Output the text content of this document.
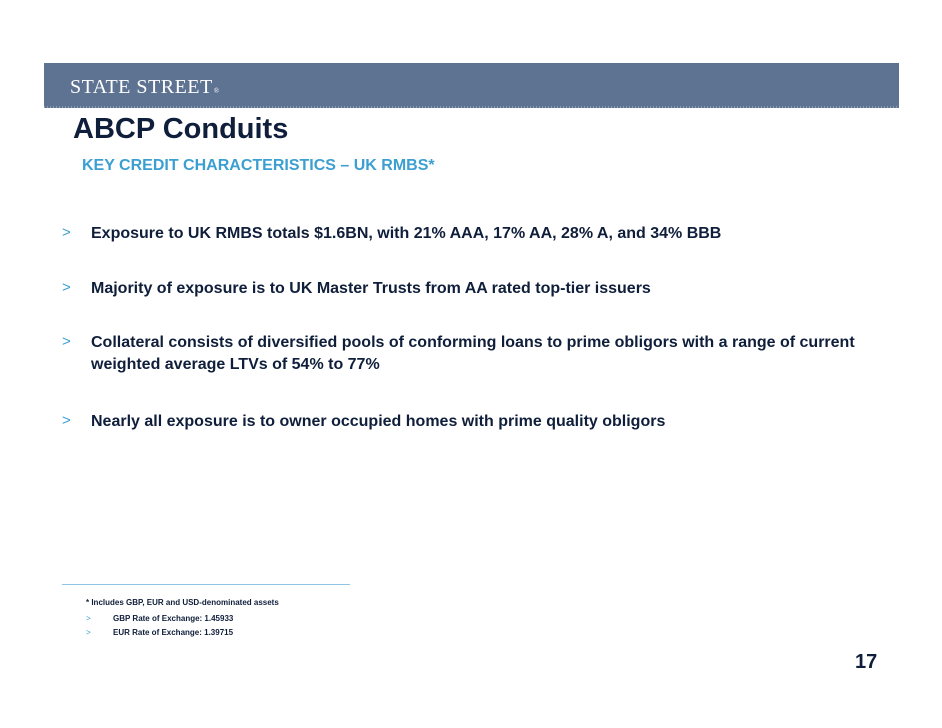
STATE STREET®
ABCP Conduits
KEY CREDIT CHARACTERISTICS – UK RMBS*
> Exposure to UK RMBS totals $1.6BN, with 21% AAA, 17% AA, 28% A, and 34% BBB
> Majority of exposure is to UK Master Trusts from AA rated top-tier issuers
> Collateral consists of diversified pools of conforming loans to prime obligors with a range of current weighted average LTVs of 54% to 77%
> Nearly all exposure is to owner occupied homes with prime quality obligors
* Includes GBP, EUR and USD-denominated assets
>	GBP Rate of Exchange: 1.45933
>	EUR Rate of Exchange: 1.39715
17
